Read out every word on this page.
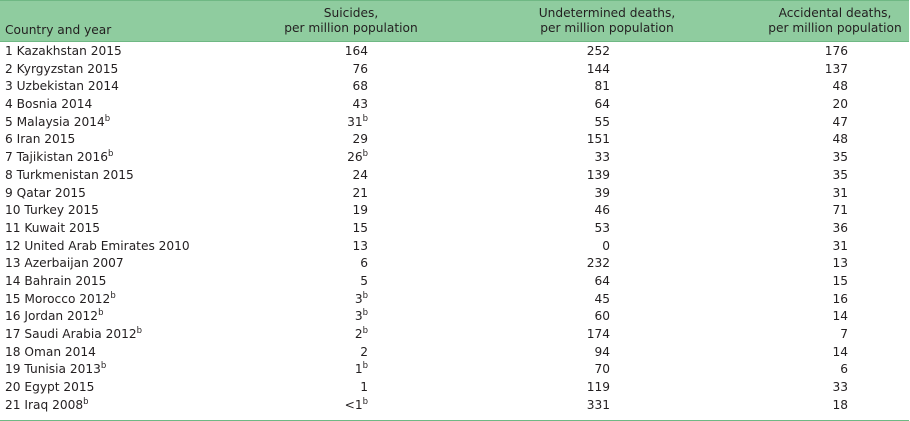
Country and year
Suicides,
per million population
Undetermined deaths,
per million population
Accidental deaths,
per million population
1 Kazakhstan 2015	164	252	176
2 Kyrgyzstan 2015	76	144	137
3 Uzbekistan 2014	68	81	48
4 Bosnia 2014	43	64	20
5 Malaysia 2014$^b$	31$^b$	55	47
6 Iran 2015	29	151	48
7 Tajikistan 2016$^b$	26$^b$	33	35
8 Turkmenistan 2015	24	139	35
9 Qatar 2015	21	39	31
10 Turkey 2015	19	46	71
11 Kuwait 2015	15	53	36
12 United Arab Emirates 2010	13	0	31
13 Azerbaijan 2007	6	232	13
14 Bahrain 2015	5	64	15
15 Morocco 2012$^b$	3$^b$	45	16
16 Jordan 2012$^b$	3$^b$	60	14
17 Saudi Arabia 2012$^b$	2$^b$	174	7
18 Oman 2014	2	94	14
19 Tunisia 2013$^b$	1$^b$	70	6
20 Egypt 2015	1	119	33
21 Iraq $2008^b$	$<1^b$	331	18
